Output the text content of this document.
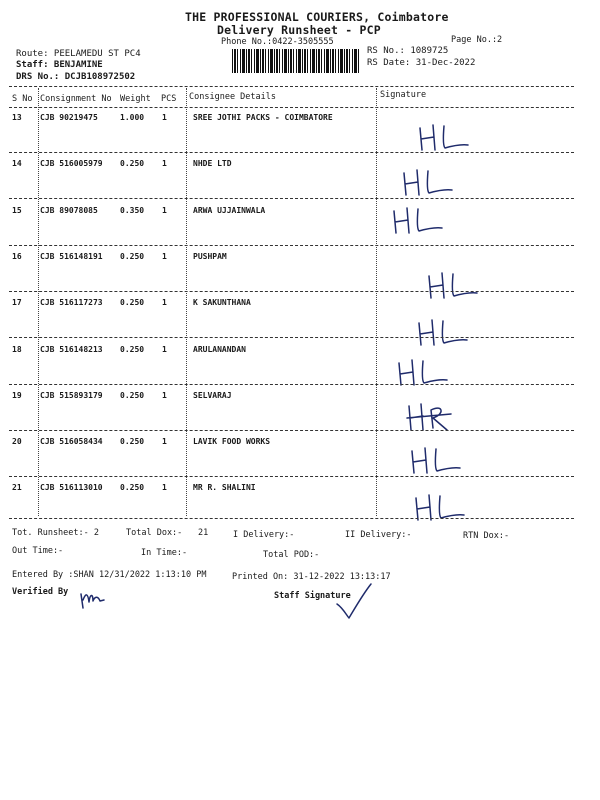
THE PROFESSIONAL COURIERS, Coimbatore
Delivery Runsheet - PCP
Phone No.:0422-3505555	Page No.:2
Route: PEELAMEDU ST PC4
Staff: BENJAMINE
DRS No.: DCJB108972502
RS No.: 1089725
RS Date: 31-Dec-2022
S No Consignment No Weight PCS Consignee Details	Signature
13 CJB 90219475	1.000 1	SREE JOTHI PACKS - COIMBATORE
14 CJB 516005979 0.250 1	NHDE LTD
15 CJB 89078085	0.350 1	ARWA UJJAINWALA
16 CJB 516148191 0.250 1	PUSHPAM
17 CJB 516117273 0.250 1	K SAKUNTHANA
18 CJB 516148213 0.250 1	ARULANANDAN
19 CJB 515893179 0.250 1	SELVARAJ
20 CJB 516058434 0.250 1	LAVIK FOOD WORKS
21 CJB 516113010 0.250 1	MR R. SHALINI
Tot. Runsheet:- 2	Total Dox:- 21	I Delivery:-	II Delivery:-	RTN Dox:-
Out Time:-	In Time:-	Total POD:-
Entered By :SHAN 12/31/2022 1:13:10 PM	Printed On: 31-12-2022 13:13:17
Verified By	Staff Signature
